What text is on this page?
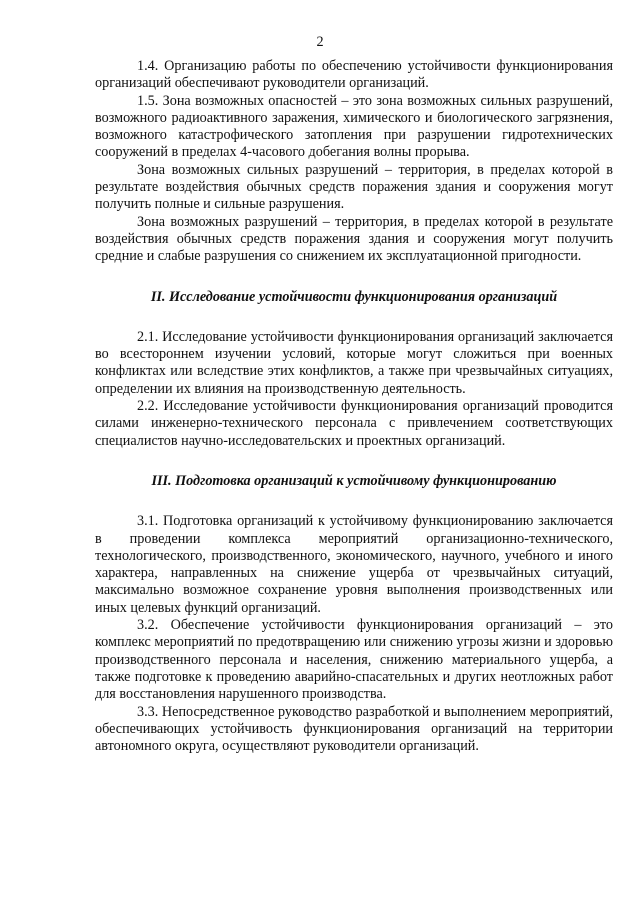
2

1.4. Организацию работы по обеспечению устойчивости функционирования организаций обеспечивают руководители организаций.

1.5. Зона возможных опасностей – это зона возможных сильных разрушений, возможного радиоактивного заражения, химического и биологического загрязнения, возможного катастрофического затопления при разрушении гидротехнических сооружений в пределах 4-часового добегания волны прорыва.

Зона возможных сильных разрушений – территория, в пределах которой в результате воздействия обычных средств поражения здания и сооружения могут получить полные и сильные разрушения.

Зона возможных разрушений – территория, в пределах которой в результате воздействия обычных средств поражения здания и сооружения могут получить средние и слабые разрушения со снижением их эксплуатационной пригодности.

II. Исследование устойчивости функционирования организаций

2.1. Исследование устойчивости функционирования организаций заключается во всестороннем изучении условий, которые могут сложиться при военных конфликтах или вследствие этих конфликтов, а также при чрезвычайных ситуациях, определении их влияния на производственную деятельность.

2.2. Исследование устойчивости функционирования организаций проводится силами инженерно-технического персонала с привлечением соответствующих специалистов научно-исследовательских и проектных организаций.

III. Подготовка организаций к устойчивому функционированию

3.1. Подготовка организаций к устойчивому функционированию заключается в проведении комплекса мероприятий организационно-технического, технологического, производственного, экономического, научного, учебного и иного характера, направленных на снижение ущерба от чрезвычайных ситуаций, максимально возможное сохранение уровня выполнения производственных или иных целевых функций организаций.

3.2. Обеспечение устойчивости функционирования организаций – это комплекс мероприятий по предотвращению или снижению угрозы жизни и здоровью производственного персонала и населения, снижению материального ущерба, а также подготовке к проведению аварийно-спасательных и других неотложных работ для восстановления нарушенного производства.

3.3. Непосредственное руководство разработкой и выполнением мероприятий, обеспечивающих устойчивость функционирования организаций на территории автономного округа, осуществляют руководители организаций.
